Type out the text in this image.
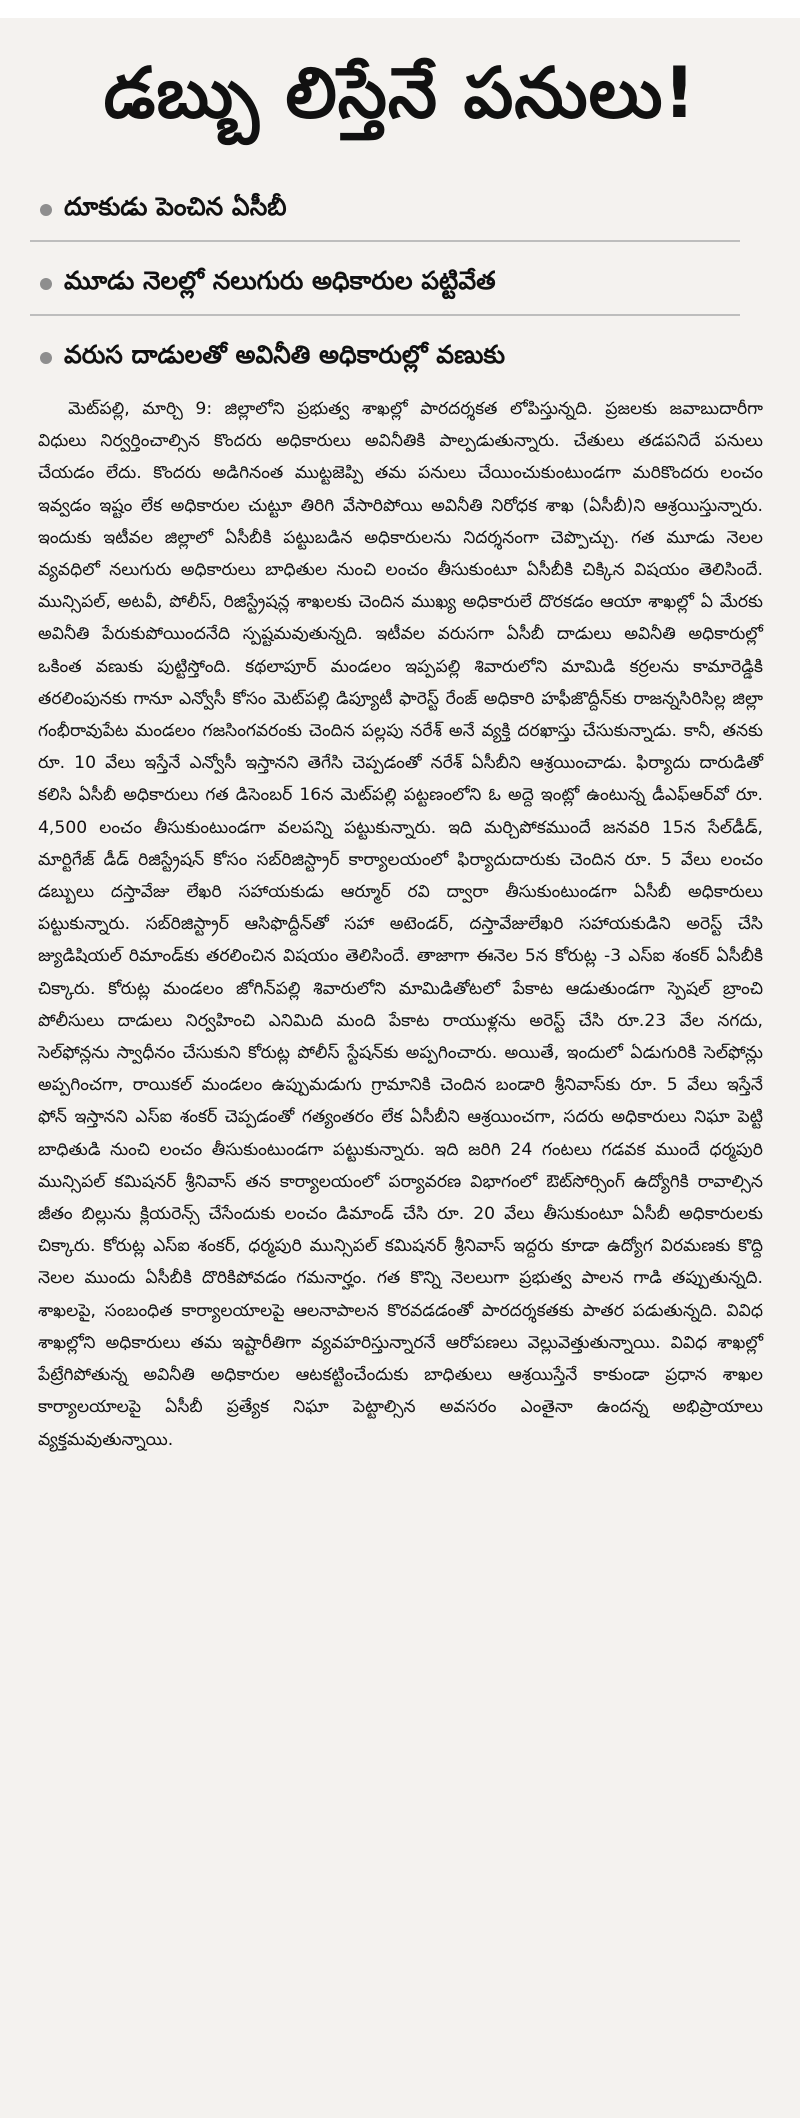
డబ్బు లిస్తేనే పనులు!
దూకుడు పెంచిన ఏసీబీ
మూడు నెలల్లో నలుగురు అధికారుల పట్టివేత
వరుస దాడులతో అవినీతి అధికారుల్లో వణుకు
మెట్‌పల్లి, మార్చి 9: జిల్లాలోని ప్రభుత్వ శాఖల్లో పారదర్శకత లోపిస్తున్నది. ప్రజలకు జవాబుదారీగా విధులు నిర్వర్తించాల్సిన కొందరు అధికారులు అవినీతికి పాల్పడుతున్నారు. చేతులు తడపనిదే పనులు చేయడం లేదు. కొందరు అడిగినంత ముట్టజెప్పి తమ పనులు చేయించుకుంటుండగా మరికొందరు లంచం ఇవ్వడం ఇష్టం లేక అధికారుల చుట్టూ తిరిగి వేసారిపోయి అవినీతి నిరోధక శాఖ (ఏసీబీ)ని ఆశ్రయిస్తున్నారు. ఇందుకు ఇటీవల జిల్లాలో ఏసీబీకి పట్టుబడిన అధికారులను నిదర్శనంగా చెప్పొచ్చు. గత మూడు నెలల వ్యవధిలో నలుగురు అధికారులు బాధితుల నుంచి లంచం తీసుకుంటూ ఏసీబీకి చిక్కిన విషయం తెలిసిందే. మున్సిపల్, అటవీ, పోలీస్, రిజిస్ట్రేషన్ల శాఖలకు చెందిన ముఖ్య అధికారులే దొరకడం ఆయా శాఖల్లో ఏ మేరకు అవినీతి పేరుకుపోయిందనేది స్పష్టమవుతున్నది. ఇటీవల వరుసగా ఏసీబీ దాడులు అవినీతి అధికారుల్లో ఒకింత వణుకు పుట్టిస్తోంది. కథలాపూర్ మండలం ఇప్పపల్లి శివారులోని మామిడి కర్రలను కామారెడ్డికి తరలింపునకు గానూ ఎన్వోసీ కోసం మెట్‌పల్లి డిప్యూటీ ఫారెస్ట్ రేంజ్ అధికారి హఫీజొద్దీన్‌కు రాజన్నసిరిసిల్ల జిల్లా గంభీరావుపేట మండలం గజసింగవరంకు చెందిన పల్లపు నరేశ్ అనే వ్యక్తి దరఖాస్తు చేసుకున్నాడు. కానీ, తనకు రూ. 10 వేలు ఇస్తేనే ఎన్వోసీ ఇస్తానని తెగేసి చెప్పడంతో నరేశ్ ఏసీబీని ఆశ్రయించాడు. ఫిర్యాదు దారుడితో కలిసి ఏసీబీ అధికారులు గత డిసెంబర్ 16న మెట్‌పల్లి పట్టణంలోని ఓ అద్దె ఇంట్లో ఉంటున్న డీఎఫ్‌ఆర్‌వో రూ. 4,500 లంచం తీసుకుంటుండగా వలపన్ని పట్టుకున్నారు. ఇది మర్చిపోకముందే జనవరి 15న సేల్‌డీడ్, మార్టిగేజ్ డీడ్ రిజిస్ట్రేషన్ కోసం సబ్‌రిజిస్ట్రార్ కార్యాలయంలో ఫిర్యాదుదారుకు చెందిన రూ. 5 వేలు లంచం డబ్బులు దస్తావేజు లేఖరి సహాయకుడు ఆర్మూర్ రవి ద్వారా తీసుకుంటుండగా ఏసీబీ అధికారులు పట్టుకున్నారు. సబ్‌రిజిస్ట్రార్ ఆసిఫొద్దీన్‌తో సహా అటెండర్, దస్తావేజులేఖరి సహాయకుడిని అరెస్ట్ చేసి జ్యుడిషియల్ రిమాండ్‌కు తరలించిన విషయం తెలిసిందే. తాజాగా ఈనెల 5న కోరుట్ల -3 ఎస్‌ఐ శంకర్ ఏసీబీకి చిక్కారు. కోరుట్ల మండలం జోగిన్‌పల్లి శివారులోని మామిడితోటలో పేకాట ఆడుతుండగా స్పెషల్ బ్రాంచి పోలీసులు దాడులు నిర్వహించి ఎనిమిది మంది పేకాట రాయుళ్లను అరెస్ట్ చేసి రూ.23 వేల నగదు, సెల్‌ఫోన్లను స్వాధీనం చేసుకుని కోరుట్ల పోలీస్ స్టేషన్‌కు అప్పగించారు. అయితే, ఇందులో ఏడుగురికి సెల్‌ఫోన్లు అప్పగించగా, రాయికల్ మండలం ఉప్పుమడుగు గ్రామానికి చెందిన బండారి శ్రీనివాస్‌కు రూ. 5 వేలు ఇస్తేనే ఫోన్ ఇస్తానని ఎస్‌ఐ శంకర్ చెప్పడంతో గత్యంతరం లేక ఏసీబీని ఆశ్రయించగా, సదరు అధికారులు నిఘా పెట్టి బాధితుడి నుంచి లంచం తీసుకుంటుండగా పట్టుకున్నారు. ఇది జరిగి 24 గంటలు గడవక ముందే ధర్మపురి మున్సిపల్ కమిషనర్ శ్రీనివాస్ తన కార్యాలయంలో పర్యావరణ విభాగంలో ఔట్‌సోర్సింగ్ ఉద్యోగికి రావాల్సిన జీతం బిల్లును క్లియరెన్స్ చేసేందుకు లంచం డిమాండ్ చేసి రూ. 20 వేలు తీసుకుంటూ ఏసీబీ అధికారులకు చిక్కారు. కోరుట్ల ఎస్‌ఐ శంకర్, ధర్మపురి మున్సిపల్ కమిషనర్ శ్రీనివాస్ ఇద్దరు కూడా ఉద్యోగ విరమణకు కొద్ది నెలల ముందు ఏసీబీకి దొరికిపోవడం గమనార్హం. గత కొన్ని నెలలుగా ప్రభుత్వ పాలన గాడి తప్పుతున్నది. శాఖలపై, సంబంధిత కార్యాలయాలపై ఆలనాపాలన కొరవడడంతో పారదర్శకతకు పాతర పడుతున్నది. వివిధ శాఖల్లోని అధికారులు తమ ఇష్టారీతిగా వ్యవహరిస్తున్నారనే ఆరోపణలు వెల్లువెత్తుతున్నాయి. వివిధ శాఖల్లో పేట్రేగిపోతున్న అవినీతి అధికారుల ఆటకట్టించేందుకు బాధితులు ఆశ్రయిస్తేనే కాకుండా ప్రధాన శాఖల కార్యాలయాలపై ఏసీబీ ప్రత్యేక నిఘా పెట్టాల్సిన అవసరం ఎంతైనా ఉందన్న అభిప్రాయాలు వ్యక్తమవుతున్నాయి.
